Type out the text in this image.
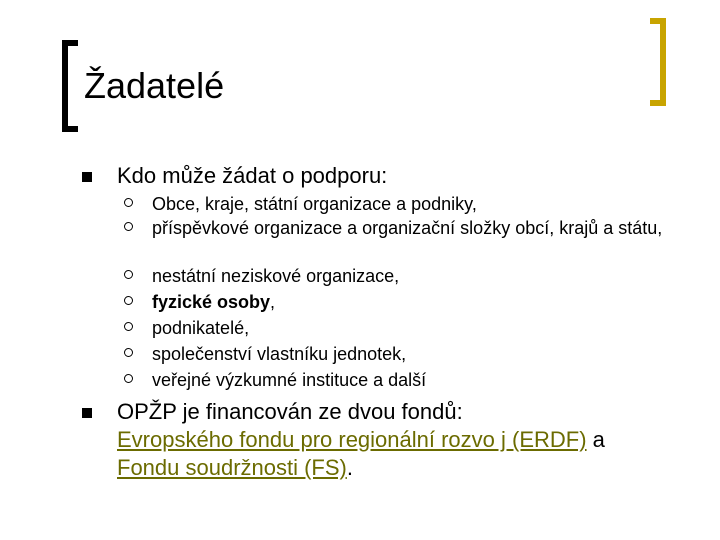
Žadatelé
Kdo může žádat o podporu:
Obce, kraje, státní organizace a podniky,
příspěvkové organizace a organizační složky obcí, krajů a státu,
nestátní neziskové organizace,
fyzické osoby,
podnikatelé,
společenství vlastníku jednotek,
veřejné výzkumné instituce a další
OPŽP je financován ze dvou fondů:
Evropského fondu pro regionální rozvo j (ERDF) a
Fondu soudržnosti (FS).
